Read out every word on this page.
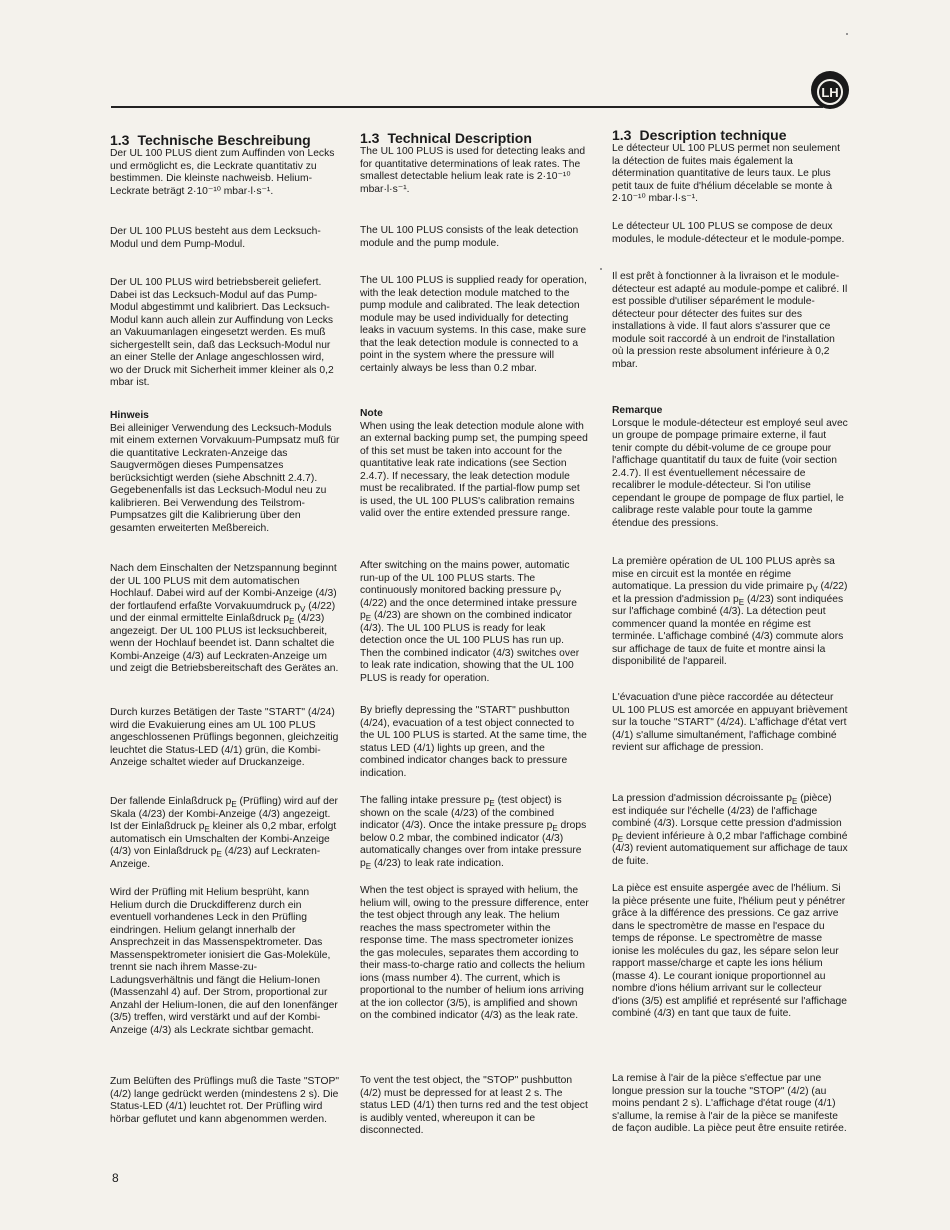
LH
1.3 Technische Beschreibung

Der UL 100 PLUS dient zum Auffinden von Lecks und ermöglicht es, die Leckrate quantitativ zu bestimmen. Die kleinste nachweisb. Helium-Leckrate beträgt 2·10⁻¹⁰ mbar·l·s⁻¹.

Der UL 100 PLUS besteht aus dem Lecksuch-Modul und dem Pump-Modul.

Der UL 100 PLUS wird betriebsbereit geliefert. Dabei ist das Lecksuch-Modul auf das Pump-Modul abgestimmt und kalibriert. Das Lecksuch-Modul kann auch allein zur Auffindung von Lecks an Vakuumanlagen eingesetzt werden. Es muß sichergestellt sein, daß das Lecksuch-Modul nur an einer Stelle der Anlage angeschlossen wird, wo der Druck mit Sicherheit immer kleiner als 0,2 mbar ist.

Hinweis

Bei alleiniger Verwendung des Lecksuch-Moduls mit einem externen Vorvakuum-Pumpsatz muß für die quantitative Leckraten-Anzeige das Saugvermögen dieses Pumpensatzes berücksichtigt werden (siehe Abschnitt 2.4.7). Gegebenenfalls ist das Lecksuch-Modul neu zu kalibrieren. Bei Verwendung des Teilstrom-Pumpsatzes gilt die Kalibrierung über den gesamten erweiterten Meßbereich.

Nach dem Einschalten der Netzspannung beginnt der UL 100 PLUS mit dem automatischen Hochlauf. Dabei wird auf der Kombi-Anzeige (4/3) der fortlaufend erfaßte Vorvakuumdruck $p_V$ (4/22) und der einmal ermittelte Einlaßdruck $p_E$ (4/23) angezeigt. Der UL 100 PLUS ist lecksuchbereit, wenn der Hochlauf beendet ist. Dann schaltet die Kombi-Anzeige (4/3) auf Leckraten-Anzeige um und zeigt die Betriebsbereitschaft des Gerätes an.

Durch kurzes Betätigen der Taste "START" (4/24) wird die Evakuierung eines am UL 100 PLUS angeschlossenen Prüflings begonnen, gleichzeitig leuchtet die Status-LED (4/1) grün, die Kombi-Anzeige schaltet wieder auf Druckanzeige.

Der fallende Einlaßdruck $p_E$ (Prüfling) wird auf der Skala (4/23) der Kombi-Anzeige (4/3) angezeigt. Ist der Einlaßdruck $p_E$ kleiner als 0,2 mbar, erfolgt automatisch ein Umschalten der Kombi-Anzeige (4/3) von Einlaßdruck $p_E$ (4/23) auf Leckraten-Anzeige.

Wird der Prüfling mit Helium besprüht, kann Helium durch die Druckdifferenz durch ein eventuell vorhandenes Leck in den Prüfling eindringen. Helium gelangt innerhalb der Ansprechzeit in das Massenspektrometer. Das Massenspektrometer ionisiert die Gas-Moleküle, trennt sie nach ihrem Masse-zu-Ladungsverhältnis und fängt die Helium-Ionen (Massenzahl 4) auf. Der Strom, proportional zur Anzahl der Helium-Ionen, die auf den Ionenfänger (3/5) treffen, wird verstärkt und auf der Kombi-Anzeige (4/3) als Leckrate sichtbar gemacht.

Zum Belüften des Prüflings muß die Taste "STOP" (4/2) lange gedrückt werden (mindestens 2 s). Die Status-LED (4/1) leuchtet rot. Der Prüfling wird hörbar geflutet und kann abgenommen werden.

1.3 Technical Description

The UL 100 PLUS is used for detecting leaks and for quantitative determinations of leak rates. The smallest detectable helium leak rate is 2·10⁻¹⁰ mbar·l·s⁻¹.

The UL 100 PLUS consists of the leak detection module and the pump module.

The UL 100 PLUS is supplied ready for operation, with the leak detection module matched to the pump module and calibrated. The leak detection module may be used individually for detecting leaks in vacuum systems. In this case, make sure that the leak detection module is connected to a point in the system where the pressure will certainly always be less than 0.2 mbar.

Note

When using the leak detection module alone with an external backing pump set, the pumping speed of this set must be taken into account for the quantitative leak rate indications (see Section 2.4.7). If necessary, the leak detection module must be recalibrated. If the partial-flow pump set is used, the UL 100 PLUS's calibration remains valid over the entire extended pressure range.

After switching on the mains power, automatic run-up of the UL 100 PLUS starts. The continuously monitored backing pressure $p_V$ (4/22) and the once determined intake pressure $p_E$ (4/23) are shown on the combined indicator (4/3). The UL 100 PLUS is ready for leak detection once the UL 100 PLUS has run up. Then the combined indicator (4/3) switches over to leak rate indication, showing that the UL 100 PLUS is ready for operation.

By briefly depressing the "START" pushbutton (4/24), evacuation of a test object connected to the UL 100 PLUS is started. At the same time, the status LED (4/1) lights up green, and the combined indicator changes back to pressure indication.

The falling intake pressure $p_E$ (test object) is shown on the scale (4/23) of the combined indicator (4/3). Once the intake pressure $p_E$ drops below 0.2 mbar, the combined indicator (4/3) automatically changes over from intake pressure $p_E$ (4/23) to leak rate indication.

When the test object is sprayed with helium, the helium will, owing to the pressure difference, enter the test object through any leak. The helium reaches the mass spectrometer within the response time. The mass spectrometer ionizes the gas molecules, separates them according to their mass-to-charge ratio and collects the helium ions (mass number 4). The current, which is proportional to the number of helium ions arriving at the ion collector (3/5), is amplified and shown on the combined indicator (4/3) as the leak rate.

To vent the test object, the "STOP" pushbutton (4/2) must be depressed for at least 2 s. The status LED (4/1) then turns red and the test object is audibly vented, whereupon it can be disconnected.

1.3 Description technique

Le détecteur UL 100 PLUS permet non seulement la détection de fuites mais également la détermination quantitative de leurs taux. Le plus petit taux de fuite d'hélium décelable se monte à 2·10⁻¹⁰ mbar·l·s⁻¹.

Le détecteur UL 100 PLUS se compose de deux modules, le module-détecteur et le module-pompe.

Il est prêt à fonctionner à la livraison et le module-détecteur est adapté au module-pompe et calibré. Il est possible d'utiliser séparément le module-détecteur pour détecter des fuites sur des installations à vide. Il faut alors s'assurer que ce module soit raccordé à un endroit de l'installation où la pression reste absolument inférieure à 0,2 mbar.

Remarque

Lorsque le module-détecteur est employé seul avec un groupe de pompage primaire externe, il faut tenir compte du débit-volume de ce groupe pour l'affichage quantitatif du taux de fuite (voir section 2.4.7). Il est éventuellement nécessaire de recalibrer le module-détecteur. Si l'on utilise cependant le groupe de pompage de flux partiel, le calibrage reste valable pour toute la gamme étendue des pressions.

La première opération de UL 100 PLUS après sa mise en circuit est la montée en régime automatique. La pression du vide primaire $p_V$ (4/22) et la pression d'admission $p_E$ (4/23) sont indiquées sur l'affichage combiné (4/3). La détection peut commencer quand la montée en régime est terminée. L'affichage combiné (4/3) commute alors sur affichage de taux de fuite et montre ainsi la disponibilité de l'appareil.

L'évacuation d'une pièce raccordée au détecteur UL 100 PLUS est amorcée en appuyant brièvement sur la touche "START" (4/24). L'affichage d'état vert (4/1) s'allume simultanément, l'affichage combiné revient sur affichage de pression.

La pression d'admission décroissante $p_E$ (pièce) est indiquée sur l'échelle (4/23) de l'affichage combiné (4/3). Lorsque cette pression d'admission $p_E$ devient inférieure à 0,2 mbar l'affichage combiné (4/3) revient automatiquement sur affichage de taux de fuite.

La pièce est ensuite aspergée avec de l'hélium. Si la pièce présente une fuite, l'hélium peut y pénétrer grâce à la différence des pressions. Ce gaz arrive dans le spectromètre de masse en l'espace du temps de réponse. Le spectromètre de masse ionise les molécules du gaz, les sépare selon leur rapport masse/charge et capte les ions hélium (masse 4). Le courant ionique proportionnel au nombre d'ions hélium arrivant sur le collecteur d'ions (3/5) est amplifié et représenté sur l'affichage combiné (4/3) en tant que taux de fuite.

La remise à l'air de la pièce s'effectue par une longue pression sur la touche "STOP" (4/2) (au moins pendant 2 s). L'affichage d'état rouge (4/1) s'allume, la remise à l'air de la pièce se manifeste de façon audible. La pièce peut être ensuite retirée.

8
